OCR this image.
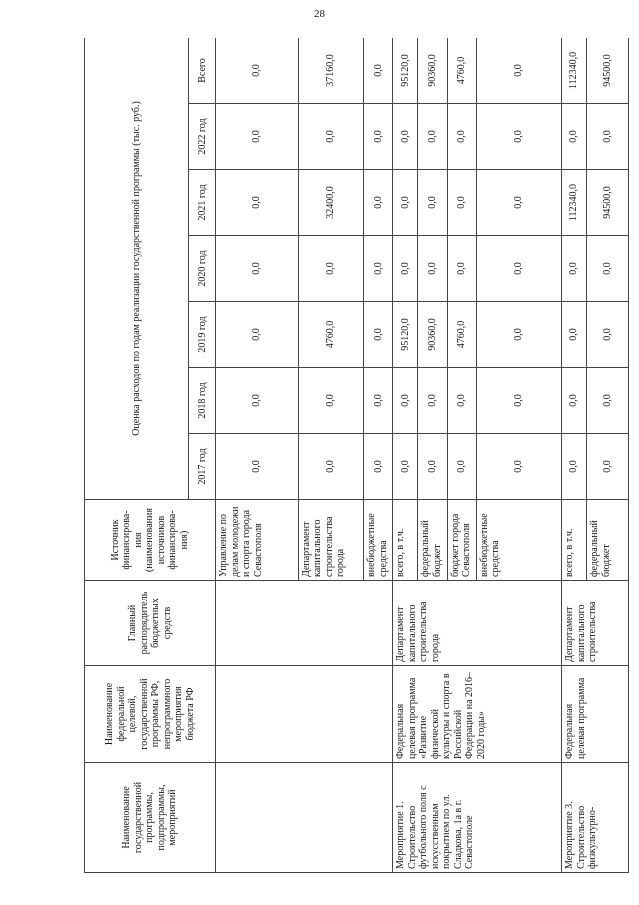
28
Наименование государственной программы, подпрограммы, мероприятий	Наименование федеральной целевой, государственной программы РФ, непрограммного мероприятия бюджета РФ	Главный распорядитель бюджетных средств	Источник финансирова-ния (наименования источников финансирова-ния)	Оценка расходов по годам реализации государственной программы (тыс. руб.)						
				2017 год	2018 год	2019 год	2020 год	2021 год	2022 год	Всего
			Управление по делам молодежи и спорта города Севастополя	0,0	0,0	0,0	0,0	0,0	0,0	0,0
			Департамент капитального строительства города	0,0	0,0	4760,0	0,0	32400,0	0,0	37160,0
			внебюджетные средства	0,0	0,0	0,0	0,0	0,0	0,0	0,0
Мероприятие 1. Строительство футбольного поля с искусственным покрытием по ул. Сладкова, 1а в г. Севастополе	Федеральная целевая программа «Развитие физической культуры и спорта в Российской Федерации на 2016–2020 годы»	Департамент капитального строительства города	всего, в т.ч.	0,0	0,0	95120,0	0,0	0,0	0,0	95120,0
			федеральный бюджет	0,0	0,0	90360,0	0,0	0,0	0,0	90360,0
			бюджет города Севастополя	0,0	0,0	4760,0	0,0	0,0	0,0	4760,0
			внебюджетные средства	0,0	0,0	0,0	0,0	0,0	0,0	0,0
Мероприятие 3. Строительство физкультурно-	Федеральная целевая программа	Департамент капитального строительства	всего, в т.ч.	0,0	0,0	0,0	0,0	112340,0	0,0	112340,0
			федеральный бюджет	0,0	0,0	0,0	0,0	94500,0	0,0	94500,0
